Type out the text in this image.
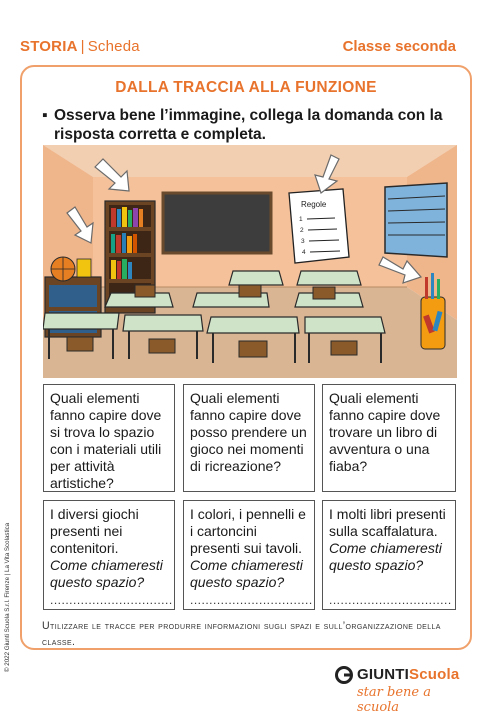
STORIA | Scheda	Classe seconda
DALLA TRACCIA ALLA FUNZIONE
▪ Osserva bene l’immagine, collega la domanda con la risposta corretta e completa.
Regole
1
2
3
4
Quali elementi fanno capire dove si trova lo spazio con i materiali utili per attività artistiche?
Quali elementi fanno capire dove posso prendere un gioco nei momenti di ricreazione?
Quali elementi fanno capire dove trovare un libro di avventura o una fiaba?
I diversi giochi presenti nei contenitori.
Come chiameresti questo spazio?
................................
I colori, i pennelli e i cartoncini presenti sui tavoli.
Come chiameresti questo spazio?
................................
I molti libri presenti sulla scaffalatura.
Come chiameresti questo spazio?
................................
Utilizzare le tracce per produrre informazioni sugli spazi e sull’organizzazione della classe.
© 2022 Giunti Scuola S.r.l. Firenze | La Vita Scolastica
GIUNTIScuola
star bene a scuola
